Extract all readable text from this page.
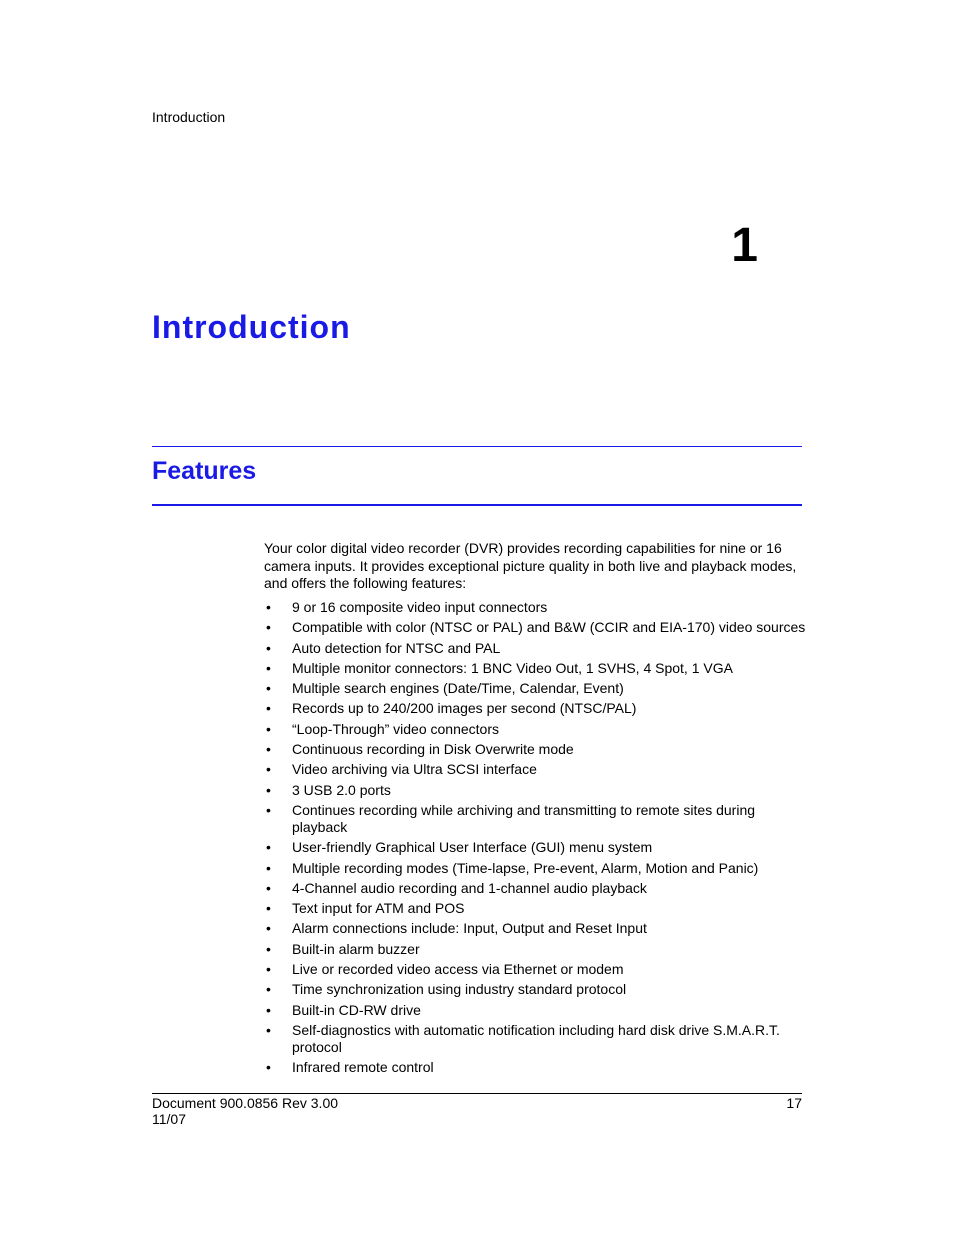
Introduction
1
Introduction
Features

Your color digital video recorder (DVR) provides recording capabilities for nine or 16 camera inputs. It provides exceptional picture quality in both live and playback modes, and offers the following features:

• 9 or 16 composite video input connectors
• Compatible with color (NTSC or PAL) and B&W (CCIR and EIA-170) video sources
• Auto detection for NTSC and PAL
• Multiple monitor connectors: 1 BNC Video Out, 1 SVHS, 4 Spot, 1 VGA
• Multiple search engines (Date/Time, Calendar, Event)
• Records up to 240/200 images per second (NTSC/PAL)
• “Loop-Through” video connectors
• Continuous recording in Disk Overwrite mode
• Video archiving via Ultra SCSI interface
• 3 USB 2.0 ports
• Continues recording while archiving and transmitting to remote sites during playback
• User-friendly Graphical User Interface (GUI) menu system
• Multiple recording modes (Time-lapse, Pre-event, Alarm, Motion and Panic)
• 4-Channel audio recording and 1-channel audio playback
• Text input for ATM and POS
• Alarm connections include: Input, Output and Reset Input
• Built-in alarm buzzer
• Live or recorded video access via Ethernet or modem
• Time synchronization using industry standard protocol
• Built-in CD-RW drive
• Self-diagnostics with automatic notification including hard disk drive S.M.A.R.T. protocol
• Infrared remote control
Document 900.0856 Rev 3.00
11/07
17
